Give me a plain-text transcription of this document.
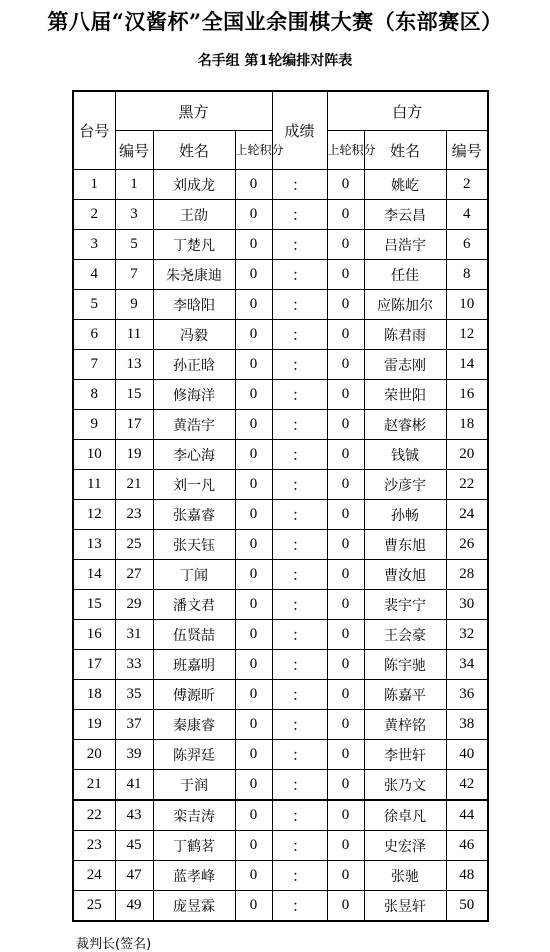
第八届“汉酱杯”全国业余围棋大赛（东部赛区）
名手组 第1轮编排对阵表
台号	黑方			成绩	白方		
	编号	姓名	上轮积分		上轮积分	姓名	编号
1	1	刘成龙	0	：	0	姚屹	2
2	3	王劭	0	：	0	李云昌	4
3	5	丁楚凡	0	：	0	吕浩宇	6
4	7	朱尧康迪	0	：	0	任佳	8
5	9	李晗阳	0	：	0	应陈加尔	10
6	11	冯毅	0	：	0	陈君雨	12
7	13	孙正晗	0	：	0	雷志刚	14
8	15	修海洋	0	：	0	荣世阳	16
9	17	黄浩宇	0	：	0	赵睿彬	18
10	19	李心海	0	：	0	钱铖	20
11	21	刘一凡	0	：	0	沙彦宇	22
12	23	张嘉睿	0	：	0	孙畅	24
13	25	张天钰	0	：	0	曹东旭	26
14	27	丁闻	0	：	0	曹汝旭	28
15	29	潘文君	0	：	0	裴宇宁	30
16	31	伍贤喆	0	：	0	王会豪	32
17	33	班嘉明	0	：	0	陈宇驰	34
18	35	傅源昕	0	：	0	陈嘉平	36
19	37	秦康睿	0	：	0	黄梓铭	38
20	39	陈羿廷	0	：	0	李世轩	40
21	41	于润	0	：	0	张乃文	42
22	43	栾吉涛	0	：	0	徐卓凡	44
23	45	丁鹤茗	0	：	0	史宏泽	46
24	47	蓝孝峰	0	：	0	张驰	48
25	49	庞昱霖	0	：	0	张昱轩	50
裁判长(签名)
